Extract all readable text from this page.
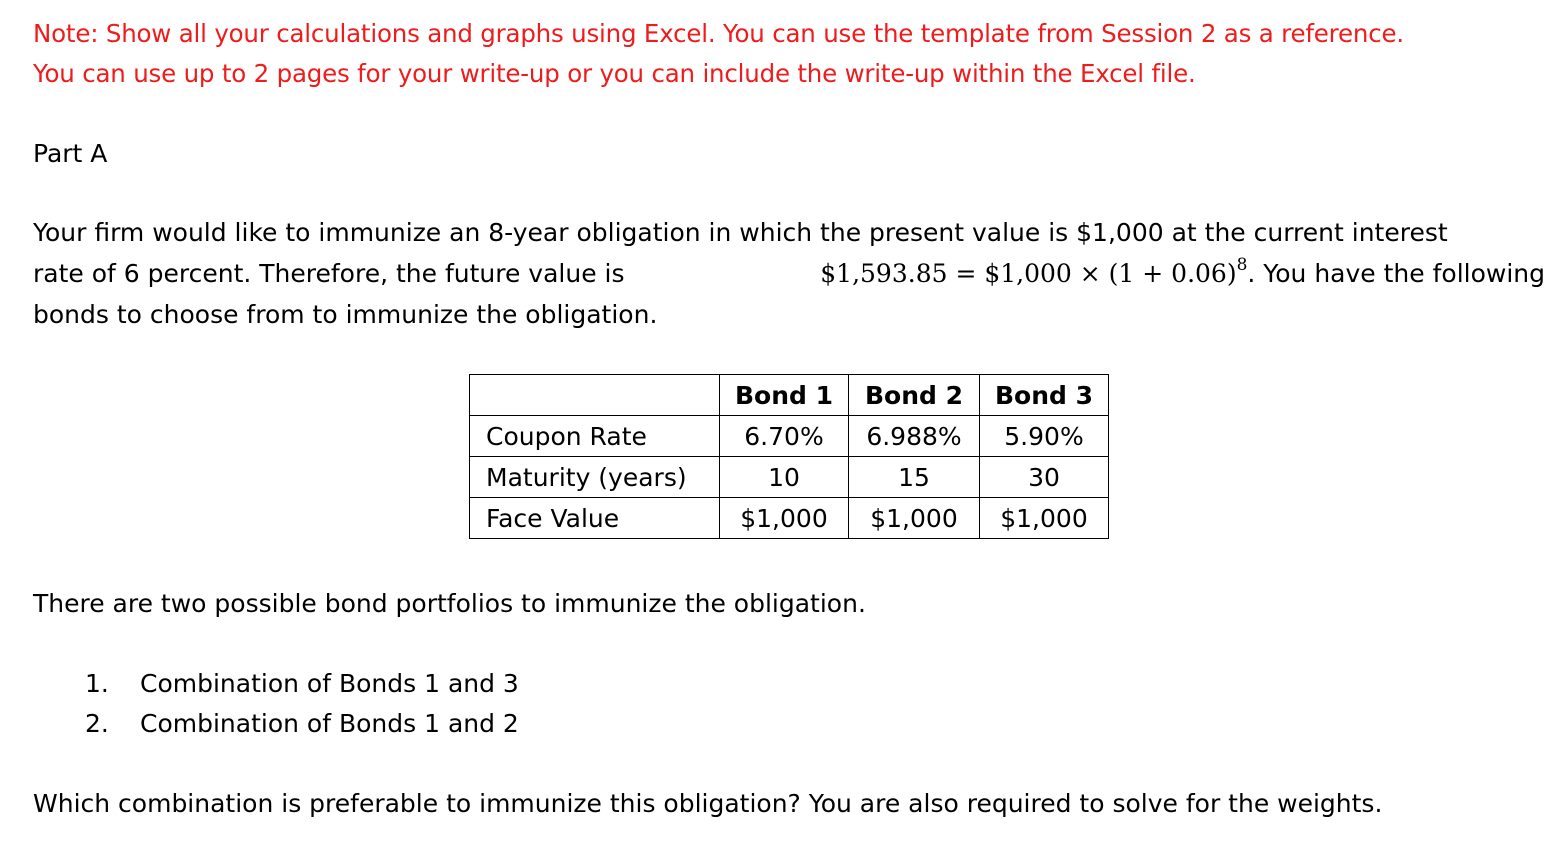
Note: Show all your calculations and graphs using Excel. You can use the template from Session 2 as a reference.
You can use up to 2 pages for your write-up or you can include the write-up within the Excel file.
Part A
Your firm would like to immunize an 8-year obligation in which the present value is $1,000 at the current interest
rate of 6 percent. Therefore, the future value is	$1,593.85 = $1,000 × $(1 + 0.06)^8$. You have the following
bonds to choose from to immunize the obligation.
	Bond 1	Bond 2	Bond 3
Coupon Rate	6.70%	6.988%	5.90%
Maturity (years)	10	15	30
Face Value	$1,000	$1,000	$1,000
There are two possible bond portfolios to immunize the obligation.
1. Combination of Bonds 1 and 3
2. Combination of Bonds 1 and 2
Which combination is preferable to immunize this obligation? You are also required to solve for the weights.
